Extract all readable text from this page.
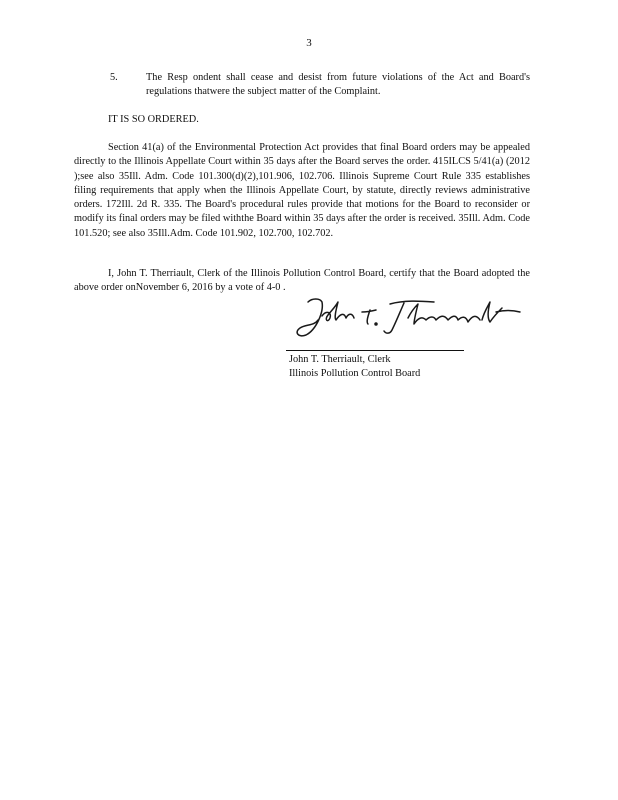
3
5.	The Resp ondent shall cease and desist from future violations of the Act and Board's regulations thatwere the subject matter of the Complaint.
IT IS SO ORDERED.
Section 41(a) of the Environmental Protection Act provides that final Board orders may be appealed directly to the Illinois Appellate Court within 35 days after the Board serves the order. 415ILCS 5/41(a) (2012 );see also 35Ill. Adm. Code 101.300(d)(2),101.906, 102.706. Illinois Supreme Court Rule 335 establishes filing requirements that apply when the Illinois Appellate Court, by statute, directly reviews administrative orders. 172Ill. 2d R. 335. The Board's procedural rules provide that motions for the Board to reconsider or modify its final orders may be filed withthe Board within 35 days after the order is received. 35Ill. Adm. Code 101.520; see also 35Ill.Adm. Code 101.902, 102.700, 102.702.
I, John T. Therriault, Clerk of the Illinois Pollution Control Board, certify that the Board adopted the above order onNovember 6, 2016 by a vote of 4-0 .
John T. Therriault, Clerk
Illinois Pollution Control Board
